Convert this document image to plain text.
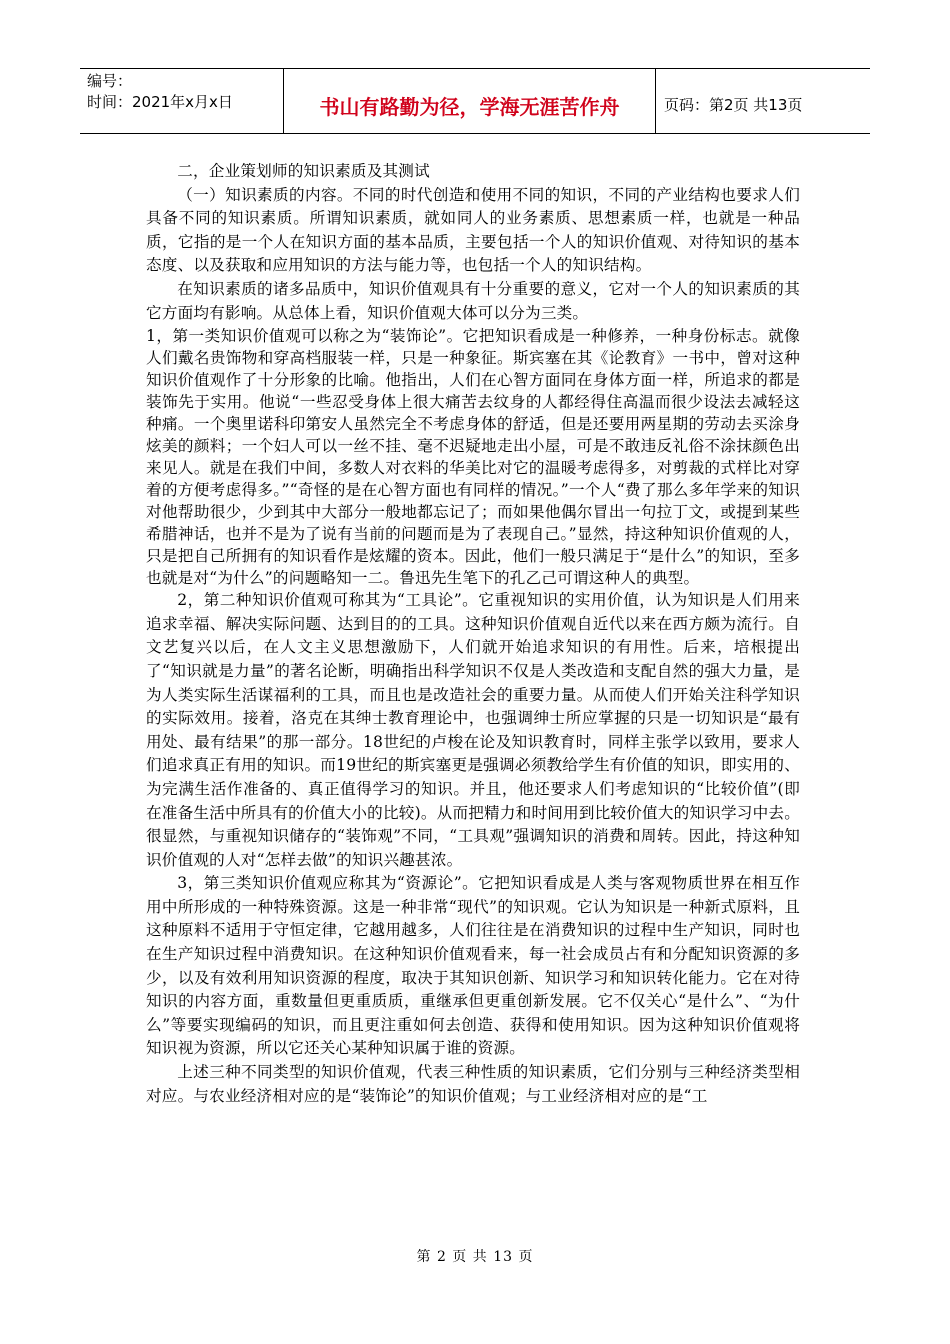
编号：
时间：2021年x月x日	书山有路勤为径，学海无涯苦作舟	页码：第2页 共13页

二，企业策划师的知识素质及其测试

（一）知识素质的内容。不同的时代创造和使用不同的知识，不同的产业结构也要求人们具备不同的知识素质。所谓知识素质，就如同人的业务素质、思想素质一样，也就是一种品质，它指的是一个人在知识方面的基本品质，主要包括一个人的知识价值观、对待知识的基本态度、以及获取和应用知识的方法与能力等，也包括一个人的知识结构。

在知识素质的诸多品质中，知识价值观具有十分重要的意义，它对一个人的知识素质的其它方面均有影响。从总体上看，知识价值观大体可以分为三类。

1，第一类知识价值观可以称之为“装饰论”。它把知识看成是一种修养，一种身份标志。就像人们戴名贵饰物和穿高档服装一样，只是一种象征。斯宾塞在其《论教育》一书中，曾对这种知识价值观作了十分形象的比喻。他指出，人们在心智方面同在身体方面一样，所追求的都是装饰先于实用。他说“一些忍受身体上很大痛苦去纹身的人都经得住高温而很少设法去减轻这种痛。一个奥里诺科印第安人虽然完全不考虑身体的舒适，但是还要用两星期的劳动去买涂身炫美的颜料；一个妇人可以一丝不挂、毫不迟疑地走出小屋，可是不敢违反礼俗不涂抹颜色出来见人。就是在我们中间，多数人对衣料的华美比对它的温暖考虑得多，对剪裁的式样比对穿着的方便考虑得多。”“奇怪的是在心智方面也有同样的情况。”一个人“费了那么多年学来的知识对他帮助很少，少到其中大部分一般地都忘记了；而如果他偶尔冒出一句拉丁文，或提到某些希腊神话，也并不是为了说有当前的问题而是为了表现自己。”显然，持这种知识价值观的人，只是把自己所拥有的知识看作是炫耀的资本。因此，他们一般只满足于“是什么”的知识，至多也就是对“为什么”的问题略知一二。鲁迅先生笔下的孔乙己可谓这种人的典型。

2，第二种知识价值观可称其为“工具论”。它重视知识的实用价值，认为知识是人们用来追求幸福、解决实际问题、达到目的的工具。这种知识价值观自近代以来在西方颇为流行。自文艺复兴以后，在人文主义思想激励下，人们就开始追求知识的有用性。后来，培根提出了“知识就是力量”的著名论断，明确指出科学知识不仅是人类改造和支配自然的强大力量，是为人类实际生活谋福利的工具，而且也是改造社会的重要力量。从而使人们开始关注科学知识的实际效用。接着，洛克在其绅士教育理论中，也强调绅士所应掌握的只是一切知识是“最有用处、最有结果”的那一部分。18世纪的卢梭在论及知识教育时，同样主张学以致用，要求人们追求真正有用的知识。而19世纪的斯宾塞更是强调必须教给学生有价值的知识，即实用的、为完满生活作准备的、真正值得学习的知识。并且，他还要求人们考虑知识的“比较价值”(即在准备生活中所具有的价值大小的比较)。从而把精力和时间用到比较价值大的知识学习中去。很显然，与重视知识储存的“装饰观”不同，“工具观”强调知识的消费和周转。因此，持这种知识价值观的人对“怎样去做”的知识兴趣甚浓。

3，第三类知识价值观应称其为“资源论”。它把知识看成是人类与客观物质世界在相互作用中所形成的一种特殊资源。这是一种非常“现代”的知识观。它认为知识是一种新式原料，且这种原料不适用于守恒定律，它越用越多，人们往往是在消费知识的过程中生产知识，同时也在生产知识过程中消费知识。在这种知识价值观看来，每一社会成员占有和分配知识资源的多少，以及有效利用知识资源的程度，取决于其知识创新、知识学习和知识转化能力。它在对待知识的内容方面，重数量但更重质质，重继承但更重创新发展。它不仅关心“是什么”、“为什么”等要实现编码的知识，而且更注重如何去创造、获得和使用知识。因为这种知识价值观将知识视为资源，所以它还关心某种知识属于谁的资源。

上述三种不同类型的知识价值观，代表三种性质的知识素质，它们分别与三种经济类型相对应。与农业经济相对应的是“装饰论”的知识价值观；与工业经济相对应的是“工

第 2 页 共 13 页
